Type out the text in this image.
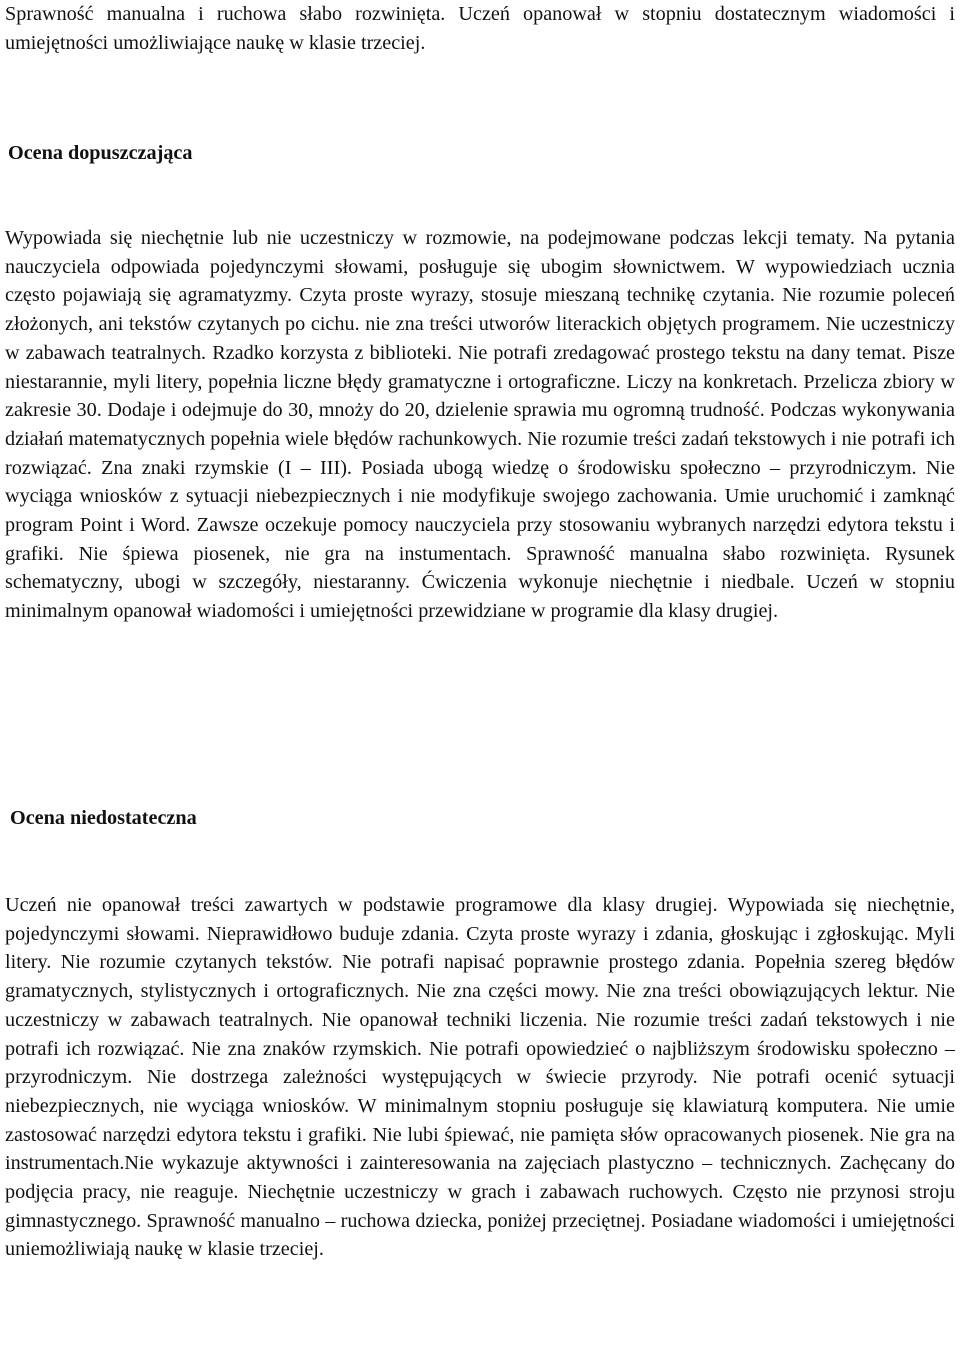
Sprawność manualna i ruchowa słabo rozwinięta. Uczeń opanował w stopniu dostatecznym wiadomości i umiejętności umożliwiające naukę w klasie trzeciej.

Ocena dopuszczająca

Wypowiada się niechętnie lub nie uczestniczy w rozmowie, na podejmowane podczas lekcji tematy. Na pytania nauczyciela odpowiada pojedynczymi słowami, posługuje się ubogim słownictwem. W wypowiedziach ucznia często pojawiają się agramatyzmy. Czyta proste wyrazy, stosuje mieszaną technikę czytania. Nie rozumie poleceń złożonych, ani tekstów czytanych po cichu. nie zna treści utworów literackich objętych programem. Nie uczestniczy w zabawach teatralnych. Rzadko korzysta z biblioteki. Nie potrafi zredagować prostego tekstu na dany temat. Pisze niestarannie, myli litery, popełnia liczne błędy gramatyczne i ortograficzne. Liczy na konkretach. Przelicza zbiory w zakresie 30. Dodaje i odejmuje do 30, mnoży do 20, dzielenie sprawia mu ogromną trudność. Podczas wykonywania działań matematycznych popełnia wiele błędów rachunkowych. Nie rozumie treści zadań tekstowych i nie potrafi ich rozwiązać. Zna znaki rzymskie (I – III). Posiada ubogą wiedzę o środowisku społeczno – przyrodniczym. Nie wyciąga wniosków z sytuacji niebezpiecznych i nie modyfikuje swojego zachowania. Umie uruchomić i zamknąć program Point i Word. Zawsze oczekuje pomocy nauczyciela przy stosowaniu wybranych narzędzi edytora tekstu i grafiki. Nie śpiewa piosenek, nie gra na instumentach. Sprawność manualna słabo rozwinięta. Rysunek schematyczny, ubogi w szczegóły, niestaranny. Ćwiczenia wykonuje niechętnie i niedbale. Uczeń w stopniu minimalnym opanował wiadomości i umiejętności przewidziane w programie dla klasy drugiej.

Ocena niedostateczna

Uczeń nie opanował treści zawartych w podstawie programowe dla klasy drugiej. Wypowiada się niechętnie, pojedynczymi słowami. Nieprawidłowo buduje zdania. Czyta proste wyrazy i zdania, głoskując i zgłoskując. Myli litery. Nie rozumie czytanych tekstów. Nie potrafi napisać poprawnie prostego zdania. Popełnia szereg błędów gramatycznych, stylistycznych i ortograficznych. Nie zna części mowy. Nie zna treści obowiązujących lektur. Nie uczestniczy w zabawach teatralnych. Nie opanował techniki liczenia. Nie rozumie treści zadań tekstowych i nie potrafi ich rozwiązać. Nie zna znaków rzymskich. Nie potrafi opowiedzieć o najbliższym środowisku społeczno – przyrodniczym. Nie dostrzega zależności występujących w świecie przyrody. Nie potrafi ocenić sytuacji niebezpiecznych, nie wyciąga wniosków. W minimalnym stopniu posługuje się klawiaturą komputera. Nie umie zastosować narzędzi edytora tekstu i grafiki. Nie lubi śpiewać, nie pamięta słów opracowanych piosenek. Nie gra na instrumentach.Nie wykazuje aktywności i zainteresowania na zajęciach plastyczno – technicznych. Zachęcany do podjęcia pracy, nie reaguje. Niechętnie uczestniczy w grach i zabawach ruchowych. Często nie przynosi stroju gimnastycznego. Sprawność manualno – ruchowa dziecka, poniżej przeciętnej. Posiadane wiadomości i umiejętności uniemożliwiają naukę w klasie trzeciej.
